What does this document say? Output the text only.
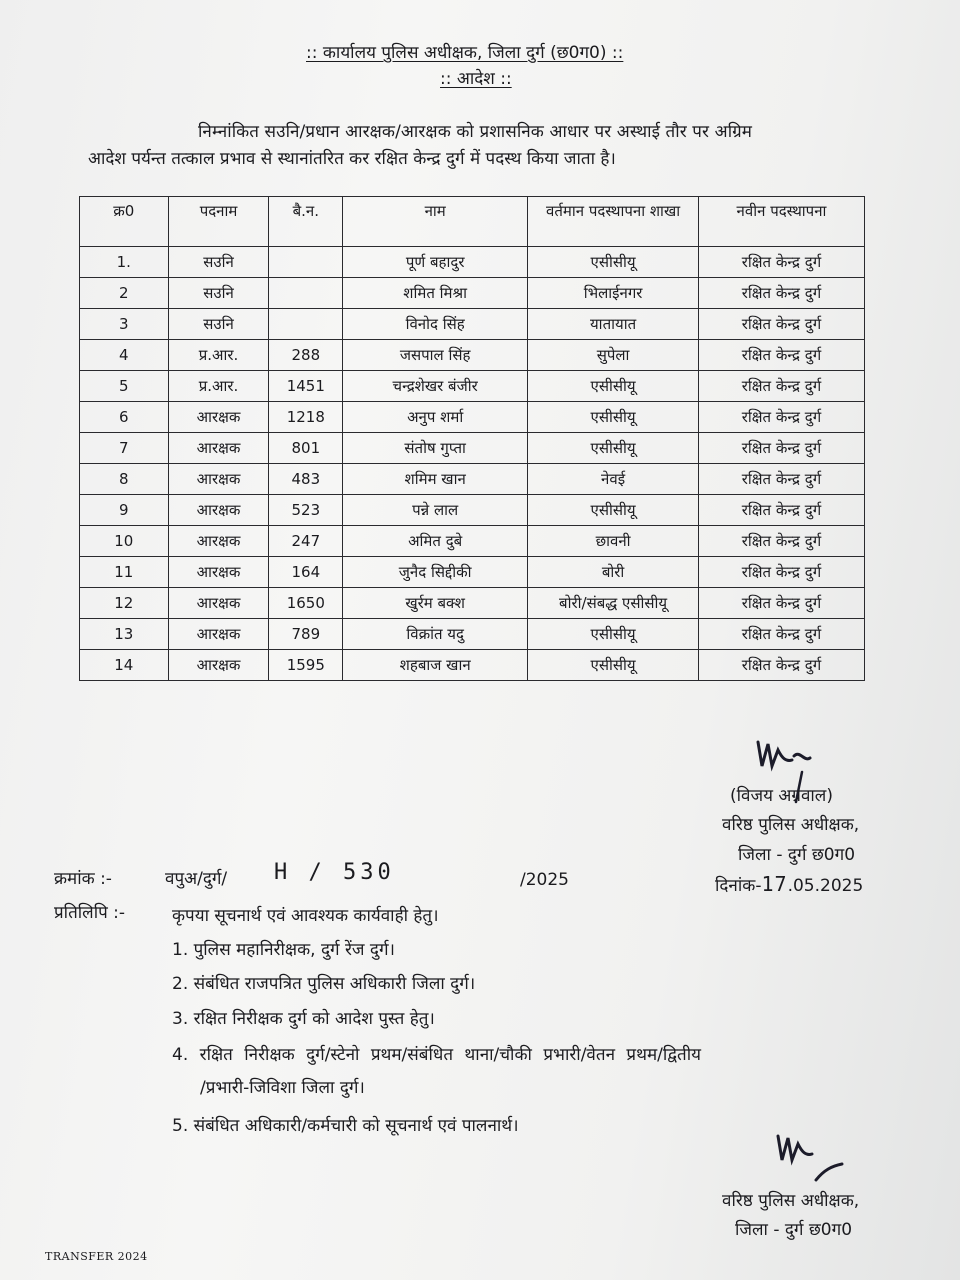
:: कार्यालय पुलिस अधीक्षक, जिला दुर्ग (छ0ग0) ::
:: आदेश ::
निम्नांकित सउनि/प्रधान आरक्षक/आरक्षक को प्रशासनिक आधार पर अस्थाई तौर पर अग्रिम
आदेश पर्यन्त तत्काल प्रभाव से स्थानांतरित कर रक्षित केन्द्र दुर्ग में पदस्थ किया जाता है।
क्र0	पदनाम	बै.न.	नाम	वर्तमान पदस्थापना शाखा	नवीन पदस्थापना
1.	सउनि		पूर्ण बहादुर	एसीसीयू	रक्षित केन्द्र दुर्ग
2	सउनि		शमित मिश्रा	भिलाईनगर	रक्षित केन्द्र दुर्ग
3	सउनि		विनोद सिंह	यातायात	रक्षित केन्द्र दुर्ग
4	प्र.आर.	288	जसपाल सिंह	सुपेला	रक्षित केन्द्र दुर्ग
5	प्र.आर.	1451	चन्द्रशेखर बंजीर	एसीसीयू	रक्षित केन्द्र दुर्ग
6	आरक्षक	1218	अनुप शर्मा	एसीसीयू	रक्षित केन्द्र दुर्ग
7	आरक्षक	801	संतोष गुप्ता	एसीसीयू	रक्षित केन्द्र दुर्ग
8	आरक्षक	483	शमिम खान	नेवई	रक्षित केन्द्र दुर्ग
9	आरक्षक	523	पन्ने लाल	एसीसीयू	रक्षित केन्द्र दुर्ग
10	आरक्षक	247	अमित दुबे	छावनी	रक्षित केन्द्र दुर्ग
11	आरक्षक	164	जुनैद सिद्दीकी	बोरी	रक्षित केन्द्र दुर्ग
12	आरक्षक	1650	खुर्रम बक्श	बोरी/संबद्ध एसीसीयू	रक्षित केन्द्र दुर्ग
13	आरक्षक	789	विक्रांत यदु	एसीसीयू	रक्षित केन्द्र दुर्ग
14	आरक्षक	1595	शहबाज खान	एसीसीयू	रक्षित केन्द्र दुर्ग
(विजय अग्रवाल)
वरिष्ठ पुलिस अधीक्षक,
जिला - दुर्ग छ0ग0
दिनांक-17.05.2025
क्रमांक :-	वपुअ/दुर्ग/ H / 530	/2025
प्रतिलिपि :-	कृपया सूचनार्थ एवं आवश्यक कार्यवाही हेतु।
1. पुलिस महानिरीक्षक, दुर्ग रेंज दुर्ग।
2. संबंधित राजपत्रित पुलिस अधिकारी जिला दुर्ग।
3. रक्षित निरीक्षक दुर्ग को आदेश पुस्त हेतु।
4. रक्षित निरीक्षक दुर्ग/स्टेनो प्रथम/संबंधित थाना/चौकी प्रभारी/वेतन प्रथम/द्वितीय
/प्रभारी-जिविशा जिला दुर्ग।
5. संबंधित अधिकारी/कर्मचारी को सूचनार्थ एवं पालनार्थ।
वरिष्ठ पुलिस अधीक्षक,
जिला - दुर्ग छ0ग0
TRANSFER 2024
